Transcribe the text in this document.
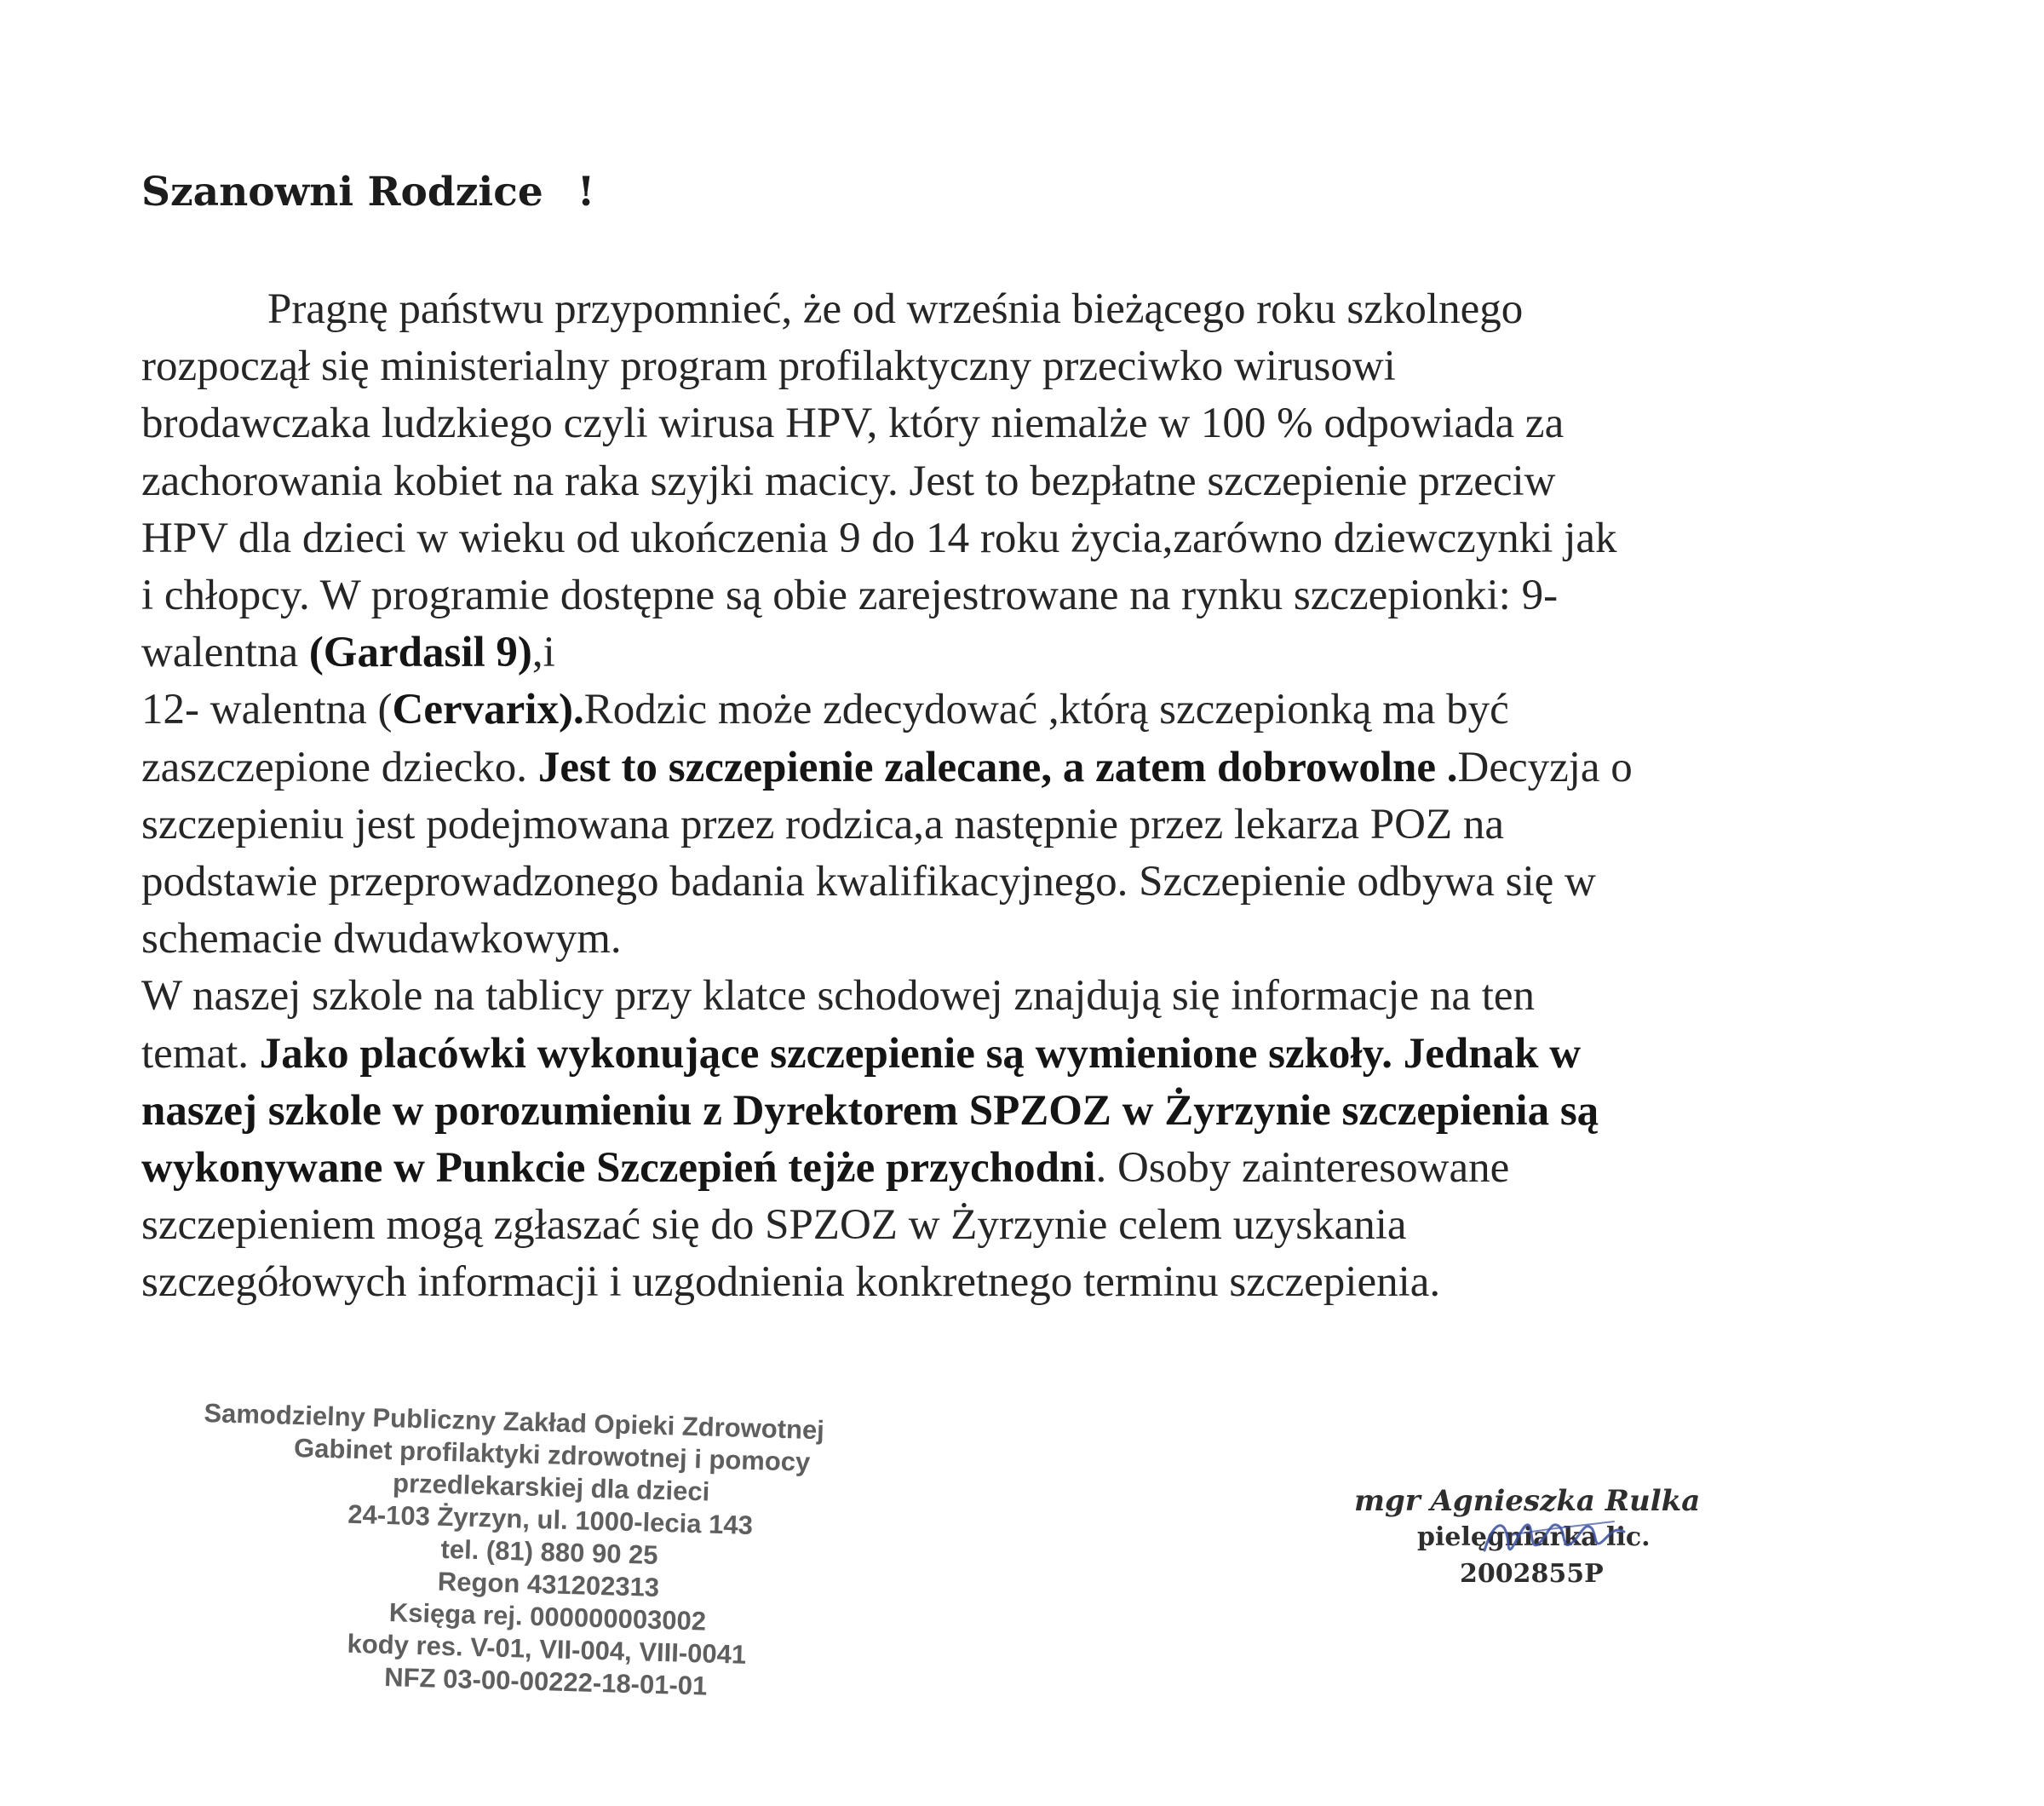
Szanowni Rodzice !
Pragnę państwu przypomnieć, że od września bieżącego roku szkolnego
rozpoczął się ministerialny program profilaktyczny przeciwko wirusowi
brodawczaka ludzkiego czyli wirusa HPV, który niemalże w 100 % odpowiada za
zachorowania kobiet na raka szyjki macicy. Jest to bezpłatne szczepienie przeciw
HPV dla dzieci w wieku od ukończenia 9 do 14 roku życia,zarówno dziewczynki jak
i chłopcy. W programie dostępne są obie zarejestrowane na rynku szczepionki: 9-
walentna (Gardasil 9),i
12- walentna (Cervarix).Rodzic może zdecydować ,którą szczepionką ma być
zaszczepione dziecko. Jest to szczepienie zalecane, a zatem dobrowolne .Decyzja o
szczepieniu jest podejmowana przez rodzica,a następnie przez lekarza POZ na
podstawie przeprowadzonego badania kwalifikacyjnego. Szczepienie odbywa się w
schemacie dwudawkowym.
W naszej szkole na tablicy przy klatce schodowej znajdują się informacje na ten
temat. Jako placówki wykonujące szczepienie są wymienione szkoły. Jednak w
naszej szkole w porozumieniu z Dyrektorem SPZOZ w Żyrzynie szczepienia są
wykonywane w Punkcie Szczepień tejże przychodni. Osoby zainteresowane
szczepieniem mogą zgłaszać się do SPZOZ w Żyrzynie celem uzyskania
szczegółowych informacji i uzgodnienia konkretnego terminu szczepienia.
Samodzielny Publiczny Zakład Opieki Zdrowotnej
Gabinet profilaktyki zdrowotnej i pomocy
przedlekarskiej dla dzieci
24-103 Żyrzyn, ul. 1000-lecia 143
tel. (81) 880 90 25
Regon 431202313
Księga rej. 000000003002
kody res. V-01, VII-004, VIII-0041
NFZ 03-00-00222-18-01-01
mgr Agnieszka Rulka
pielęgniarka lic.
2002855P
